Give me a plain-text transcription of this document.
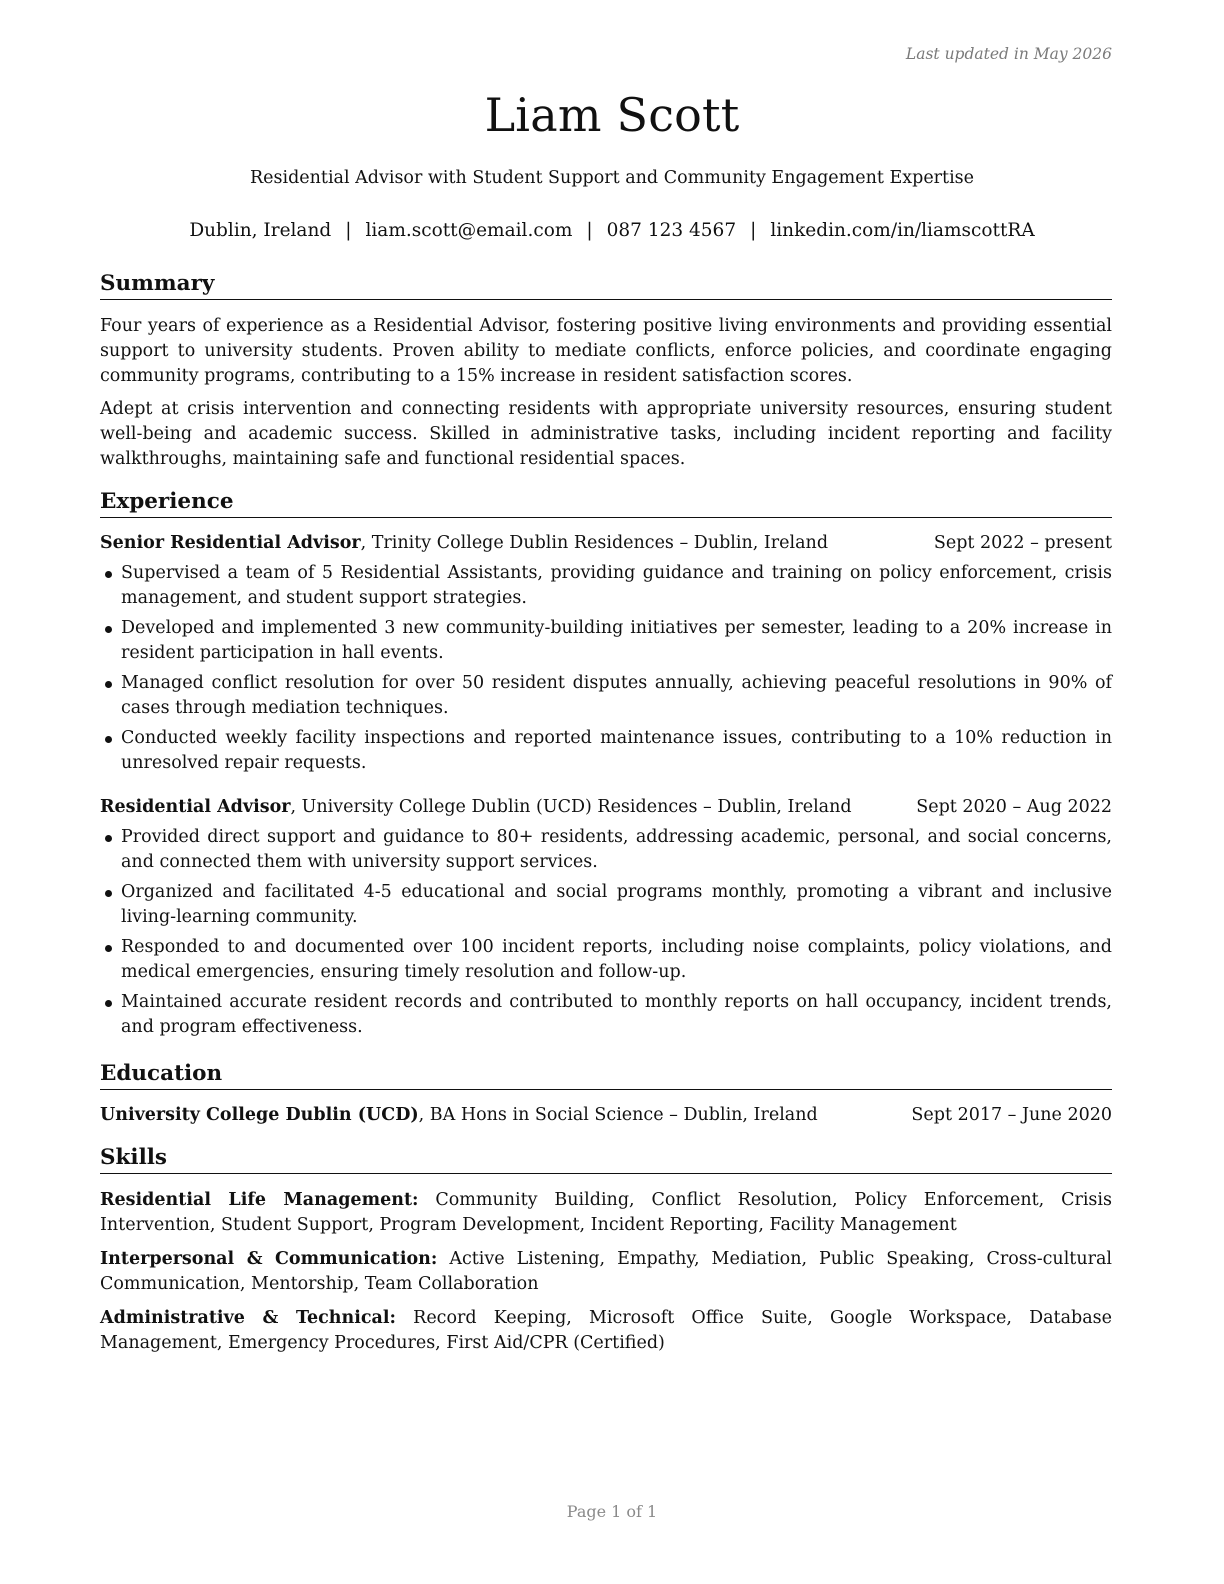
Last updated in May 2026
Liam Scott
Residential Advisor with Student Support and Community Engagement Expertise
Dublin, Ireland | liam.scott@email.com | 087 123 4567 | linkedin.com/in/liamscottRA
Summary

Four years of experience as a Residential Advisor, fostering positive living environments and providing essential support to university students. Proven ability to mediate conflicts, enforce policies, and coordinate engaging community programs, contributing to a 15% increase in resident satisfaction scores.

Adept at crisis intervention and connecting residents with appropriate university resources, ensuring student well-being and academic success. Skilled in administrative tasks, including incident reporting and facility walkthroughs, maintaining safe and functional residential spaces.

Experience
Senior Residential Advisor, Trinity College Dublin Residences – Dublin, Ireland	Sept 2022 – present
Supervised a team of 5 Residential Assistants, providing guidance and training on policy enforcement, crisis management, and student support strategies.
Developed and implemented 3 new community-building initiatives per semester, leading to a 20% increase in resident participation in hall events.
Managed conflict resolution for over 50 resident disputes annually, achieving peaceful resolutions in 90% of cases through mediation techniques.
Conducted weekly facility inspections and reported maintenance issues, contributing to a 10% reduction in unresolved repair requests.
Residential Advisor, University College Dublin (UCD) Residences – Dublin, Ireland	Sept 2020 – Aug 2022
Provided direct support and guidance to 80+ residents, addressing academic, personal, and social concerns, and connected them with university support services.
Organized and facilitated 4-5 educational and social programs monthly, promoting a vibrant and inclusive living-learning community.
Responded to and documented over 100 incident reports, including noise complaints, policy violations, and medical emergencies, ensuring timely resolution and follow-up.
Maintained accurate resident records and contributed to monthly reports on hall occupancy, incident trends, and program effectiveness.
Education
University College Dublin (UCD), BA Hons in Social Science – Dublin, Ireland	Sept 2017 – June 2020
Skills

Residential Life Management: Community Building, Conflict Resolution, Policy Enforcement, Crisis Intervention, Student Support, Program Development, Incident Reporting, Facility Management

Interpersonal & Communication: Active Listening, Empathy, Mediation, Public Speaking, Cross-cultural Communication, Mentorship, Team Collaboration

Administrative & Technical: Record Keeping, Microsoft Office Suite, Google Workspace, Database Management, Emergency Procedures, First Aid/CPR (Certified)

Page 1 of 1
